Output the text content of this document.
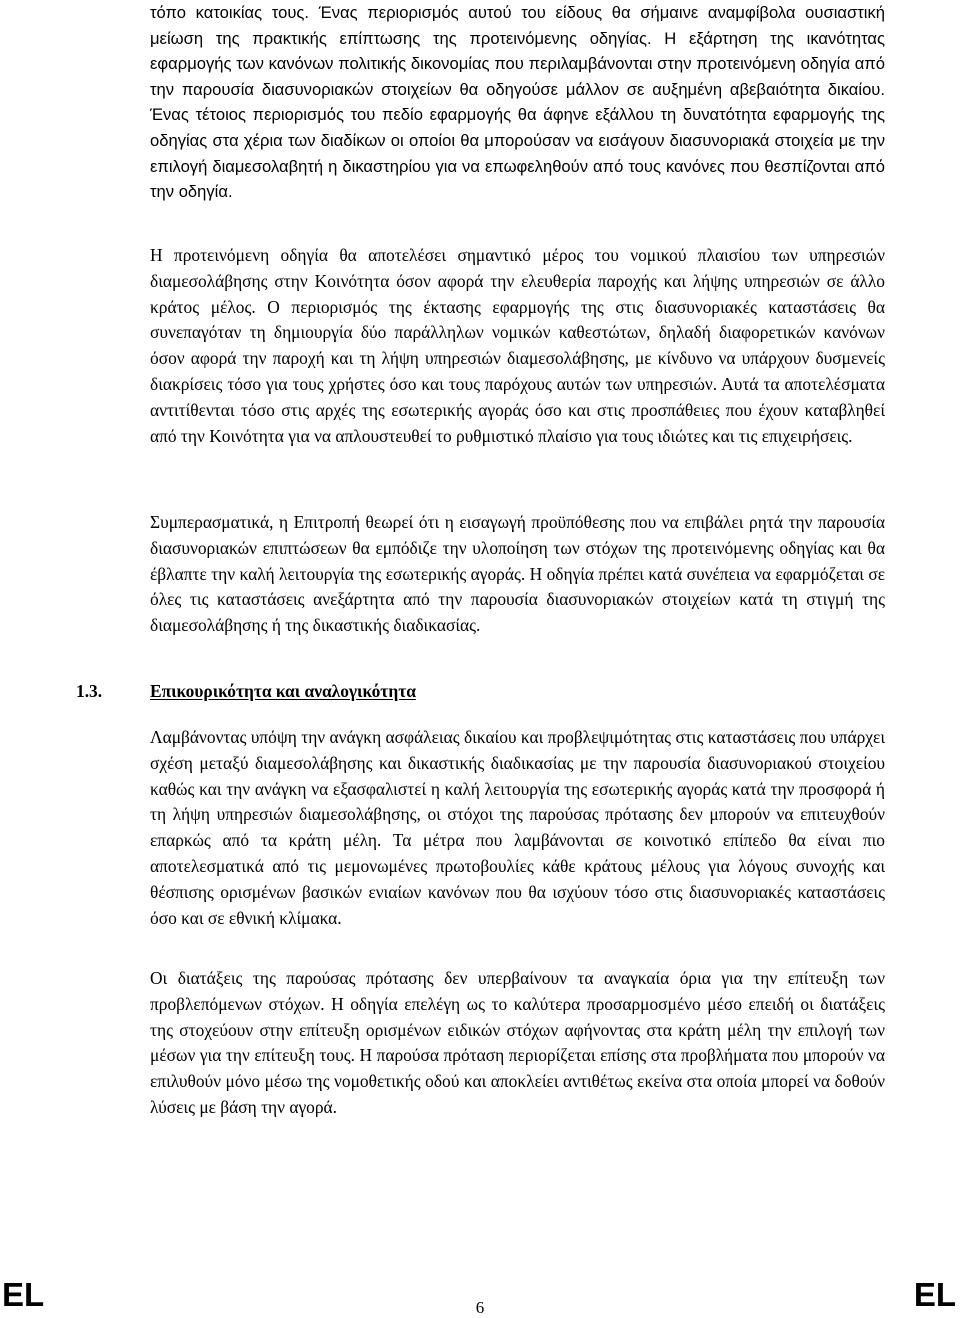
τόπο κατοικίας τους. Ένας περιορισμός αυτού του είδους θα σήμαινε αναμφίβολα ουσιαστική μείωση της πρακτικής επίπτωσης της προτεινόμενης οδηγίας. Η εξάρτηση της ικανότητας εφαρμογής των κανόνων πολιτικής δικονομίας που περιλαμβάνονται στην προτεινόμενη οδηγία από την παρουσία διασυνοριακών στοιχείων θα οδηγούσε μάλλον σε αυξημένη αβεβαιότητα δικαίου. Ένας τέτοιος περιορισμός του πεδίο εφαρμογής θα άφηνε εξάλλου τη δυνατότητα εφαρμογής της οδηγίας στα χέρια των διαδίκων οι οποίοι θα μπορούσαν να εισάγουν διασυνοριακά στοιχεία με την επιλογή διαμεσολαβητή η δικαστηρίου για να επωφεληθούν από τους κανόνες που θεσπίζονται από την οδηγία.

Η προτεινόμενη οδηγία θα αποτελέσει σημαντικό μέρος του νομικού πλαισίου των υπηρεσιών διαμεσολάβησης στην Κοινότητα όσον αφορά την ελευθερία παροχής και λήψης υπηρεσιών σε άλλο κράτος μέλος. Ο περιορισμός της έκτασης εφαρμογής της στις διασυνοριακές καταστάσεις θα συνεπαγόταν τη δημιουργία δύο παράλληλων νομικών καθεστώτων, δηλαδή διαφορετικών κανόνων όσον αφορά την παροχή και τη λήψη υπηρεσιών διαμεσολάβησης, με κίνδυνο να υπάρχουν δυσμενείς διακρίσεις τόσο για τους χρήστες όσο και τους παρόχους αυτών των υπηρεσιών. Αυτά τα αποτελέσματα αντιτίθενται τόσο στις αρχές της εσωτερικής αγοράς όσο και στις προσπάθειες που έχουν καταβληθεί από την Κοινότητα για να απλουστευθεί το ρυθμιστικό πλαίσιο για τους ιδιώτες και τις επιχειρήσεις.

Συμπερασματικά, η Επιτροπή θεωρεί ότι η εισαγωγή προϋπόθεσης που να επιβάλει ρητά την παρουσία διασυνοριακών επιπτώσεων θα εμπόδιζε την υλοποίηση των στόχων της προτεινόμενης οδηγίας και θα έβλαπτε την καλή λειτουργία της εσωτερικής αγοράς. Η οδηγία πρέπει κατά συνέπεια να εφαρμόζεται σε όλες τις καταστάσεις ανεξάρτητα από την παρουσία διασυνοριακών στοιχείων κατά τη στιγμή της διαμεσολάβησης ή της δικαστικής διαδικασίας.

1.3.	Επικουρικότητα και αναλογικότητα

Λαμβάνοντας υπόψη την ανάγκη ασφάλειας δικαίου και προβλεψιμότητας στις καταστάσεις που υπάρχει σχέση μεταξύ διαμεσολάβησης και δικαστικής διαδικασίας με την παρουσία διασυνοριακού στοιχείου καθώς και την ανάγκη να εξασφαλιστεί η καλή λειτουργία της εσωτερικής αγοράς κατά την προσφορά ή τη λήψη υπηρεσιών διαμεσολάβησης, οι στόχοι της παρούσας πρότασης δεν μπορούν να επιτευχθούν επαρκώς από τα κράτη μέλη. Τα μέτρα που λαμβάνονται σε κοινοτικό επίπεδο θα είναι πιο αποτελεσματικά από τις μεμονωμένες πρωτοβουλίες κάθε κράτους μέλους για λόγους συνοχής και θέσπισης ορισμένων βασικών ενιαίων κανόνων που θα ισχύουν τόσο στις διασυνοριακές καταστάσεις όσο και σε εθνική κλίμακα.

Οι διατάξεις της παρούσας πρότασης δεν υπερβαίνουν τα αναγκαία όρια για την επίτευξη των προβλεπόμενων στόχων. Η οδηγία επελέγη ως το καλύτερα προσαρμοσμένο μέσο επειδή οι διατάξεις της στοχεύουν στην επίτευξη ορισμένων ειδικών στόχων αφήνοντας στα κράτη μέλη την επιλογή των μέσων για την επίτευξη τους. Η παρούσα πρόταση περιορίζεται επίσης στα προβλήματα που μπορούν να επιλυθούν μόνο μέσω της νομοθετικής οδού και αποκλείει αντιθέτως εκείνα στα οποία μπορεί να δοθούν λύσεις με βάση την αγορά.

EL	6	EL
